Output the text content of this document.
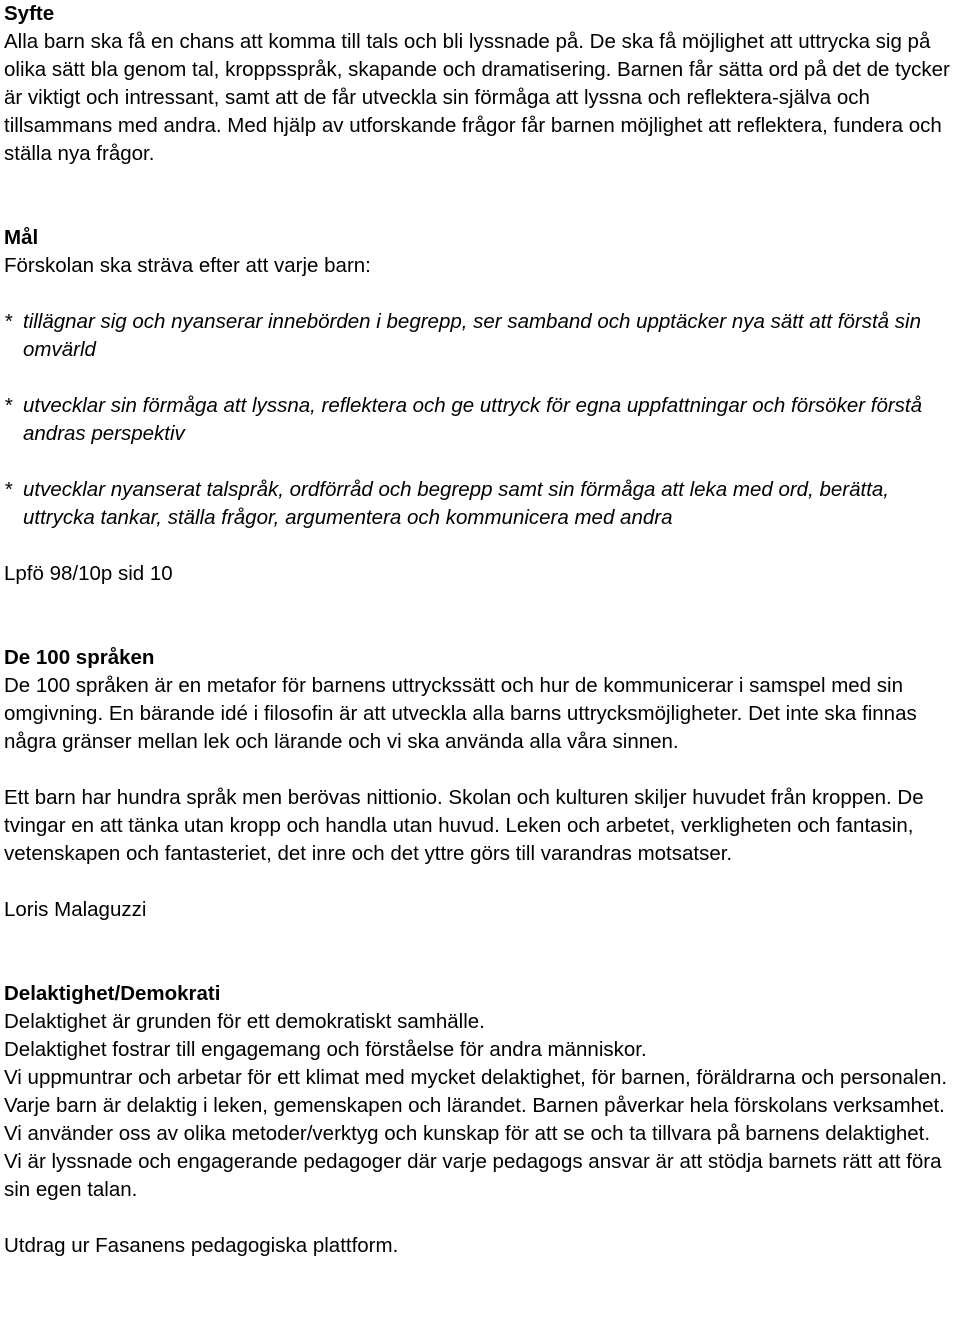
Syfte

Alla barn ska få en chans att komma till tals och bli lyssnade på. De ska få möjlighet att uttrycka sig på olika sätt bla genom tal, kroppsspråk, skapande och dramatisering. Barnen får sätta ord på det de tycker är viktigt och intressant, samt att de får utveckla sin förmåga att lyssna och reflektera-själva och tillsammans med andra. Med hjälp av utforskande frågor får barnen möjlighet att reflektera, fundera och ställa nya frågor.

Mål

Förskolan ska sträva efter att varje barn:

* tillägnar sig och nyanserar innebörden i begrepp, ser samband och upptäcker nya sätt att förstå sin omvärld

* utvecklar sin förmåga att lyssna, reflektera och ge uttryck för egna uppfattningar och försöker förstå andras perspektiv

* utvecklar nyanserat talspråk, ordförråd och begrepp samt sin förmåga att leka med ord, berätta, uttrycka tankar, ställa frågor, argumentera och kommunicera med andra

Lpfö 98/10p sid 10

De 100 språken

De 100 språken är en metafor för barnens uttryckssätt och hur de kommunicerar i samspel med sin omgivning. En bärande idé i filosofin är att utveckla alla barns uttrycksmöjligheter. Det inte ska finnas några gränser mellan lek och lärande och vi ska använda alla våra sinnen.

Ett barn har hundra språk men berövas nittionio. Skolan och kulturen skiljer huvudet från kroppen. De tvingar en att tänka utan kropp och handla utan huvud. Leken och arbetet, verkligheten och fantasin, vetenskapen och fantasteriet, det inre och det yttre görs till varandras motsatser.

Loris Malaguzzi

Delaktighet/Demokrati

Delaktighet är grunden för ett demokratiskt samhälle.

Delaktighet fostrar till engagemang och förståelse för andra människor.

Vi uppmuntrar och arbetar för ett klimat med mycket delaktighet, för barnen, föräldrarna och personalen.

Varje barn är delaktig i leken, gemenskapen och lärandet. Barnen påverkar hela förskolans verksamhet. Vi använder oss av olika metoder/verktyg och kunskap för att se och ta tillvara på barnens delaktighet. Vi är lyssnade och engagerande pedagoger där varje pedagogs ansvar är att stödja barnets rätt att föra sin egen talan.

Utdrag ur Fasanens pedagogiska plattform.
